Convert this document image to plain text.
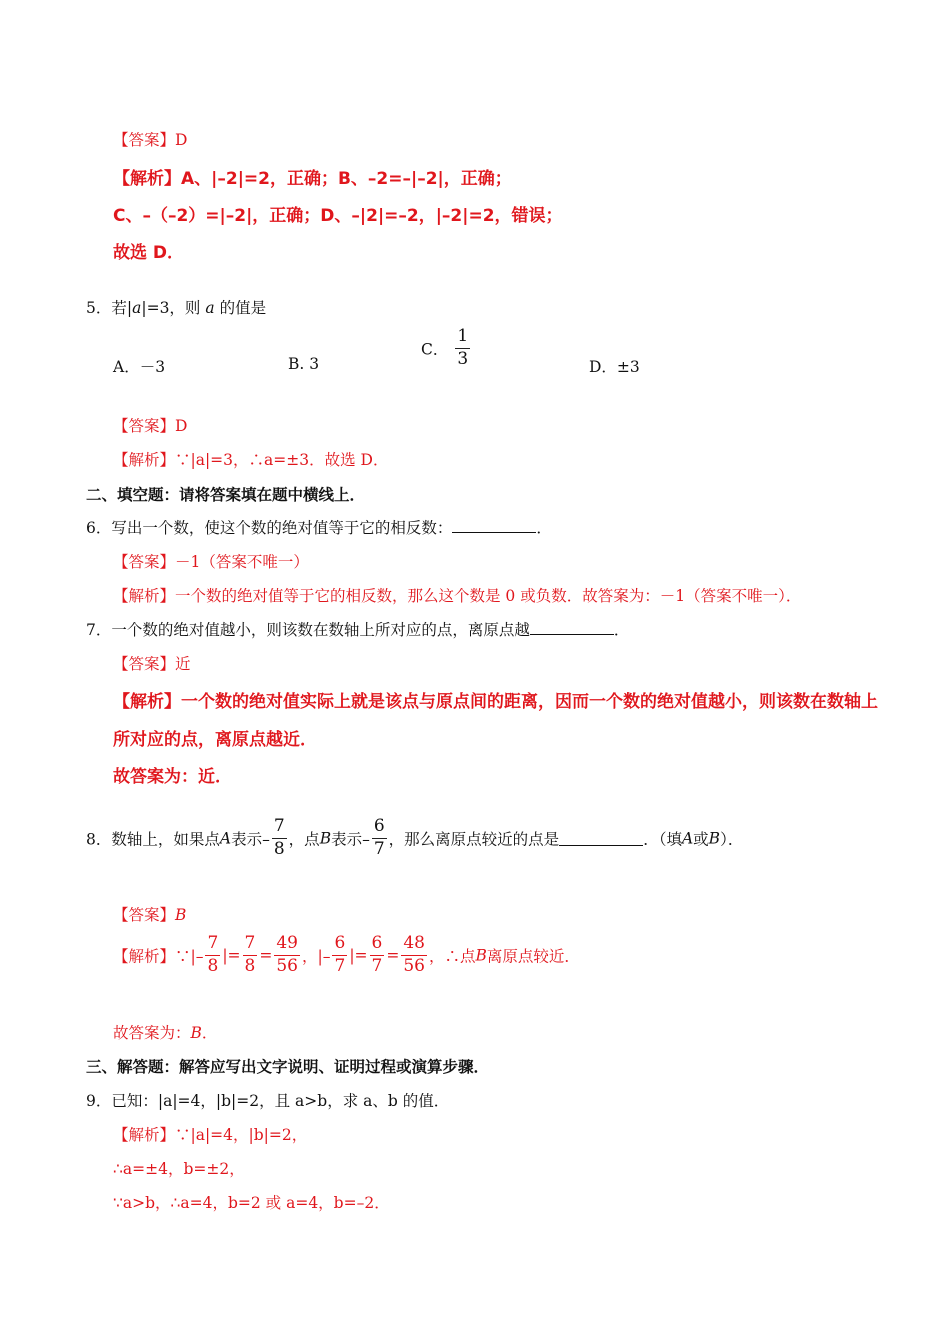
【答案】D
【解析】A、|–2|=2，正确；B、–2=–|–2|，正确；
C、–（–2）=|–2|，正确；D、–|2|=–2，|–2|=2，错误；
故选 D．
5．若|a|=3，则 a 的值是
A．－3	B. 3
C． $\frac{1}{3}$	D．±3
【答案】D
【解析】∵|a|=3，∴a=±3．故选 D．
二、填空题：请将答案填在题中横线上．
6．写出一个数，使这个数的绝对值等于它的相反数：	．
【答案】－1（答案不唯一）
【解析】一个数的绝对值等于它的相反数，那么这个数是 0 或负数．故答案为：－1（答案不唯一）．
7．一个数的绝对值越小，则该数在数轴上所对应的点，离原点越	．
【答案】近
【解析】一个数的绝对值实际上就是该点与原点间的距离，因而一个数的绝对值越小，则该数在数轴上
所对应的点，离原点越近．
故答案为：近．
8．数轴上，如果点A表示– $\frac{7}{8}$ ，点B表示– $\frac{6}{7}$ ，那么离原点较近的点是	．（填A或B）．
【答案】B
【解析】∵|– $\frac{7}{8}$ |= $\frac{7}{8} = \frac{49}{56}$ ，|– $\frac{6}{7}$ |= $\frac{6}{7} = \frac{48}{56}$ ，∴点B离原点较近．
故答案为：B．
三、解答题：解答应写出文字说明、证明过程或演算步骤．
9．已知：|a|=4，|b|=2，且 a>b，求 a、b 的值．
【解析】∵|a|=4，|b|=2，
∴a=±4，b=±2，
∵a>b，∴a=4，b=2 或 a=4，b=–2．
